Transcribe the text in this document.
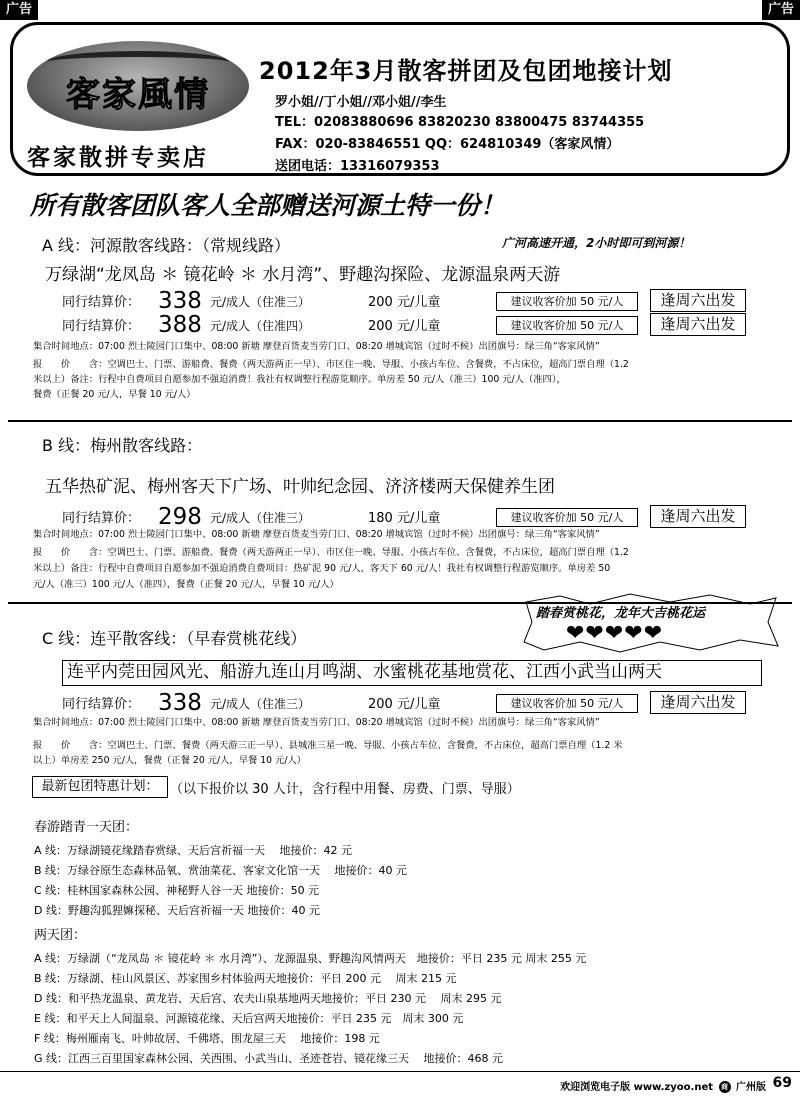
广告	广告
客家風情
客家散拼专卖店
2012年3月散客拼团及包团地接计划
罗小姐//丁小姐//邓小姐//李生
TEL：02083880696 83820230 83800475 83744355
FAX：020-83846551 QQ：624810349（客家风情）
送团电话：13316079353
所有散客团队客人全部赠送河源土特一份！
A 线：河源散客线路：（常规线路）	广河高速开通，2小时即可到河源！
万绿湖“龙凤岛 ＊ 镜花岭 ＊ 水月湾”、野趣沟探险、龙源温泉两天游
同行结算价： 338 元/成人（住准三）	200 元/儿童	建议收客价加 50 元/人	逢周六出发
同行结算价： 388 元/成人（住准四）	200 元/儿童	建议收客价加 50 元/人	逢周六出发
集合时间地点：07:00 烈士陵园门口集中、08:00 新塘 摩登百货麦当劳门口、08:20 增城宾馆（过时不候）出团旗号：绿三角“客家风情”
报　　价　　含：空调巴士、门票、游船费、餐费（两天游两正一早）、市区住一晚、导服、小孩占车位、含餐费，不占床位，超高门票自理（1.2
米以上）备注：行程中自费项目自愿参加不强迫消费！我社有权调整行程游览顺序。单房差 50 元/人（准三）100 元/人（准四），
餐费（正餐 20 元/人，早餐 10 元/人）
B 线：梅州散客线路：
五华热矿泥、梅州客天下广场、叶帅纪念园、济济楼两天保健养生团
同行结算价： 298 元/成人（住准三）	180 元/儿童	建议收客价加 50 元/人	逢周六出发
集合时间地点：07:00 烈士陵园门口集中、08:00 新塘 摩登百货麦当劳门口、08:20 增城宾馆（过时不候）出团旗号：绿三角“客家风情”
报　　价　　含：空调巴士、门票、游船费、餐费（两天游两正一早）、市区住一晚、导服、小孩占车位、含餐费，不占床位，超高门票自理（1.2
米以上）备注：行程中自费项目自愿参加不强迫消费自费项目：热矿泥 90 元/人，客天下 60 元/人！我社有权调整行程游览顺序。单房差 50
元/人（准三）100 元/人（准四），餐费（正餐 20 元/人，早餐 10 元/人）
踏春赏桃花，龙年大吉桃花运
❤❤❤❤❤
C 线：连平散客线：（早春赏桃花线）
连平内莞田园风光、船游九连山月鸣湖、水蜜桃花基地赏花、江西小武当山两天
同行结算价： 338 元/成人（住准三）	200 元/儿童	建议收客价加 50 元/人	逢周六出发
集合时间地点：07:00 烈士陵园门口集中、08:00 新塘 摩登百货麦当劳门口、08:20 增城宾馆（过时不候）出团旗号：绿三角“客家风情”
报　　价　　含：空调巴士、门票、餐费（两天游三正一早）、县城准三星一晚、导服、小孩占车位、含餐费，不占床位，超高门票自理（1.2 米
以上）单房差 250 元/人，餐费（正餐 20 元/人，早餐 10 元/人）
最新包团特惠计划： （以下报价以 30 人计，含行程中用餐、房费、门票、导服）
春游踏青一天团：
A 线：万绿湖镜花缘踏春赏绿、天后宫祈福一天　 地接价：42 元
B 线：万绿谷原生态森林品氧、赏油菜花、客家文化馆一天　 地接价：40 元
C 线：桂林国家森林公园、神秘野人谷一天 地接价：50 元
D 线：野趣沟狐狸嫲探秘、天后宫祈福一天 地接价：40 元
两天团：
A 线：万绿湖（“龙凤岛 ＊ 镜花岭 ＊ 水月湾”）、龙源温泉、野趣沟风情两天　地接价：平日 235 元 周末 255 元
B 线：万绿湖、桂山风景区、苏家围乡村体验两天地接价：平日 200 元　 周末 215 元
D 线：和平热龙温泉、黄龙岩、天后宫、农夫山泉基地两天地接价：平日 230 元　 周末 295 元
E 线：和平天上人间温泉、河源镜花缘、天后宫两天地接价：平日 235 元　周末 300 元
F 线：梅州雁南飞、叶帅故居、千佛塔、围龙屋三天　 地接价：198 元
G 线：江西三百里国家森林公园、关西围、小武当山、圣迹苍岩、镜花缘三天　 地接价：468 元
欢迎浏览电子版 www.zyoo.net 商 广州版 69
